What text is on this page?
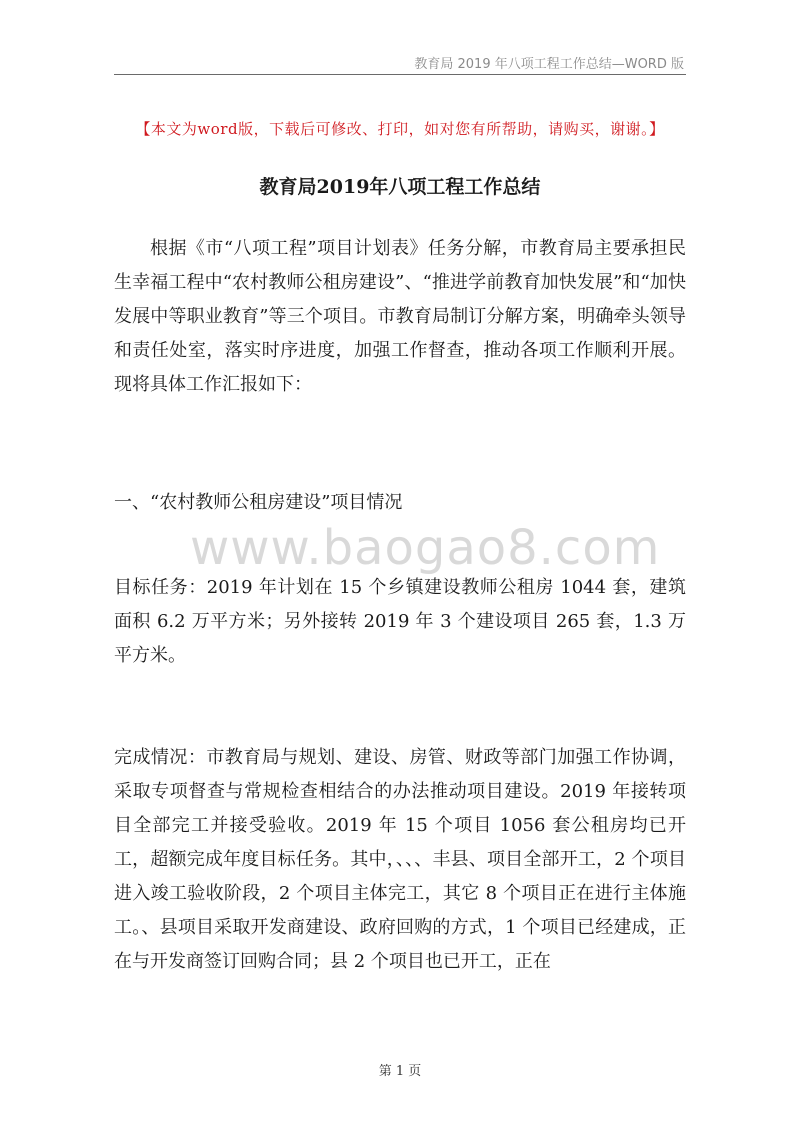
教育局 2019 年八项工程工作总结—WORD 版
【本文为word版，下载后可修改、打印，如对您有所帮助，请购买，谢谢。】
教育局2019年八项工程工作总结
根据《市“八项工程”项目计划表》任务分解，市教育局主要承担民生幸福工程中“农村教师公租房建设”、“推进学前教育加快发展”和“加快发展中等职业教育”等三个项目。市教育局制订分解方案，明确牵头领导和责任处室，落实时序进度，加强工作督查，推动各项工作顺利开展。现将具体工作汇报如下：
一、“农村教师公租房建设”项目情况
www.baogao8.com
目标任务：2019 年计划在 15 个乡镇建设教师公租房 1044 套，建筑面积 6.2 万平方米；另外接转 2019 年 3 个建设项目 265 套，1.3 万平方米。
完成情况：市教育局与规划、建设、房管、财政等部门加强工作协调，采取专项督查与常规检查相结合的办法推动项目建设。2019 年接转项目全部完工并接受验收。2019 年 15 个项目 1056 套公租房均已开工，超额完成年度目标任务。其中，、、、丰县、项目全部开工，2 个项目进入竣工验收阶段，2 个项目主体完工，其它 8 个项目正在进行主体施工。、县项目采取开发商建设、政府回购的方式，1 个项目已经建成，正在与开发商签订回购合同；县 2 个项目也已开工，正在
第 1 页
